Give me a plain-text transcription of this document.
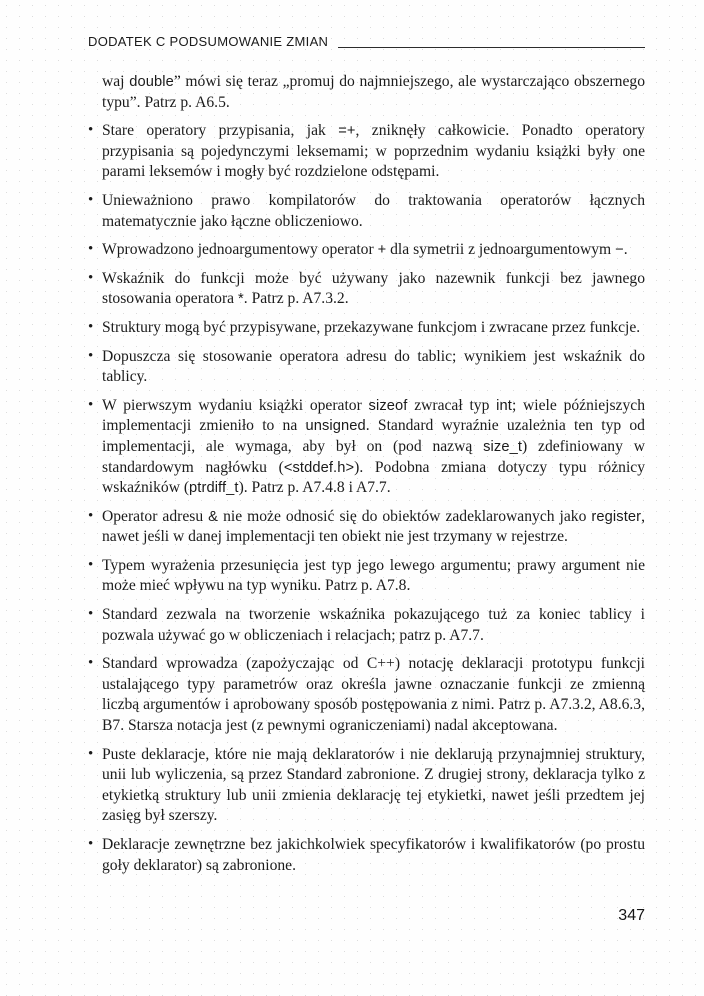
DODATEK C PODSUMOWANIE ZMIAN

waj double” mówi się teraz „promuj do najmniejszego, ale wystarczająco obszernego typu”. Patrz p. A6.5.

• Stare operatory przypisania, jak =+, zniknęły całkowicie. Ponadto operatory przypisania są pojedynczymi leksemami; w poprzednim wydaniu książki były one parami leksemów i mogły być rozdzielone odstępami.
• Unieważniono prawo kompilatorów do traktowania operatorów łącznych matematycznie jako łączne obliczeniowo.
• Wprowadzono jednoargumentowy operator + dla symetrii z jednoargumentowym −.
• Wskaźnik do funkcji może być używany jako nazewnik funkcji bez jawnego stosowania operatora *. Patrz p. A7.3.2.
• Struktury mogą być przypisywane, przekazywane funkcjom i zwracane przez funkcje.
• Dopuszcza się stosowanie operatora adresu do tablic; wynikiem jest wskaźnik do tablicy.
• W pierwszym wydaniu książki operator sizeof zwracał typ int; wiele późniejszych implementacji zmieniło to na unsigned. Standard wyraźnie uzależnia ten typ od implementacji, ale wymaga, aby był on (pod nazwą size_t) zdefiniowany w standardowym nagłówku (<stddef.h>). Podobna zmiana dotyczy typu różnicy wskaźników (ptrdiff_t). Patrz p. A7.4.8 i A7.7.
• Operator adresu & nie może odnosić się do obiektów zadeklarowanych jako register, nawet jeśli w danej implementacji ten obiekt nie jest trzymany w rejestrze.
• Typem wyrażenia przesunięcia jest typ jego lewego argumentu; prawy argument nie może mieć wpływu na typ wyniku. Patrz p. A7.8.
• Standard zezwala na tworzenie wskaźnika pokazującego tuż za koniec tablicy i pozwala używać go w obliczeniach i relacjach; patrz p. A7.7.
• Standard wprowadza (zapożyczając od C++) notację deklaracji prototypu funkcji ustalającego typy parametrów oraz określa jawne oznaczanie funkcji ze zmienną liczbą argumentów i aprobowany sposób postępowania z nimi. Patrz p. A7.3.2, A8.6.3, B7. Starsza notacja jest (z pewnymi ograniczeniami) nadal akceptowana.
• Puste deklaracje, które nie mają deklaratorów i nie deklarują przynajmniej struktury, unii lub wyliczenia, są przez Standard zabronione. Z drugiej strony, deklaracja tylko z etykietką struktury lub unii zmienia deklarację tej etykietki, nawet jeśli przedtem jej zasięg był szerszy.
• Deklaracje zewnętrzne bez jakichkolwiek specyfikatorów i kwalifikatorów (po prostu goły deklarator) są zabronione.
347
